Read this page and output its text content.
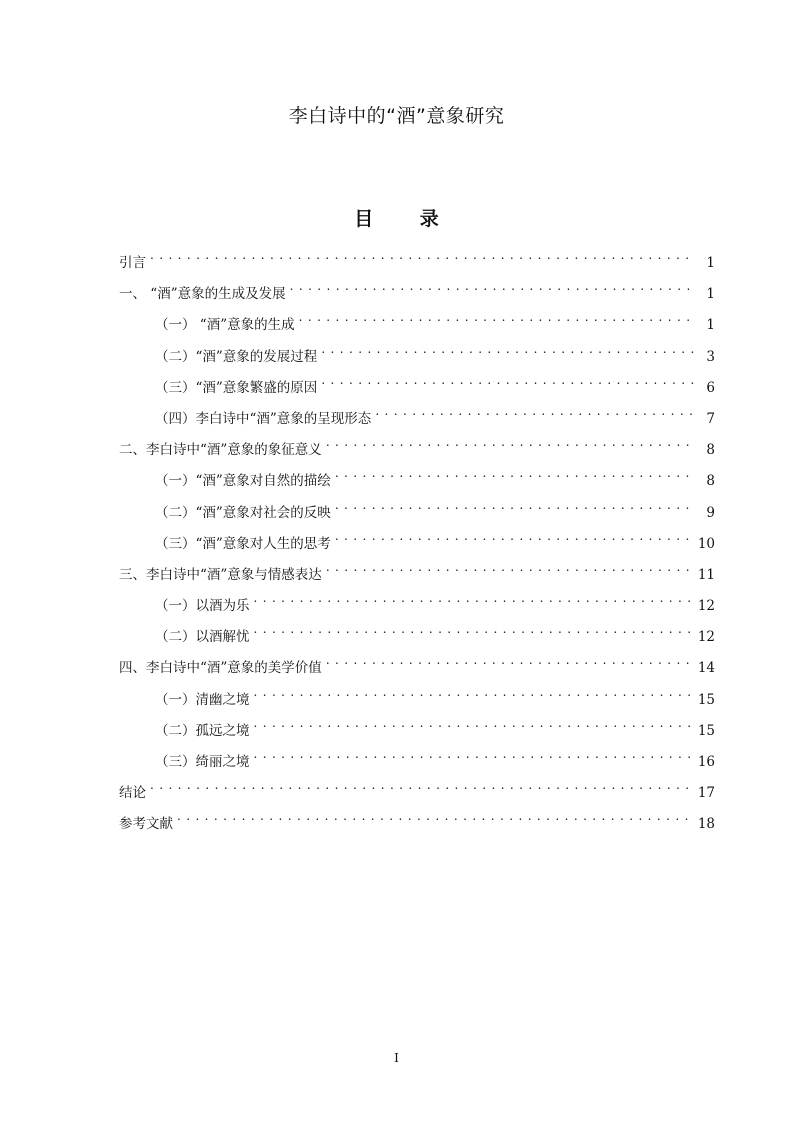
李白诗中的“酒”意象研究
目 录
引言 . . .	1
一、 “酒”意象的生成及发展 . . .	1
（一） “酒”意象的生成 . . .	1
（二）“酒”意象的发展过程 . . .	3
（三）“酒”意象繁盛的原因 . . .	6
（四）李白诗中“酒”意象的呈现形态 . . .	7
二、李白诗中“酒”意象的象征意义 . . .	8
（一）“酒”意象对自然的描绘 . . .	8
（二）“酒”意象对社会的反映 . . .	9
（三）“酒”意象对人生的思考 . . .	10
三、李白诗中“酒”意象与情感表达 . . .	11
（一）以酒为乐 . . .	12
（二）以酒解忧 . . .	12
四、李白诗中“酒”意象的美学价值 . . .	14
（一）清幽之境 . . .	15
（二）孤远之境 . . .	15
（三）绮丽之境 . . .	16
结论 . . .	17
参考文献 . . .	18
I
